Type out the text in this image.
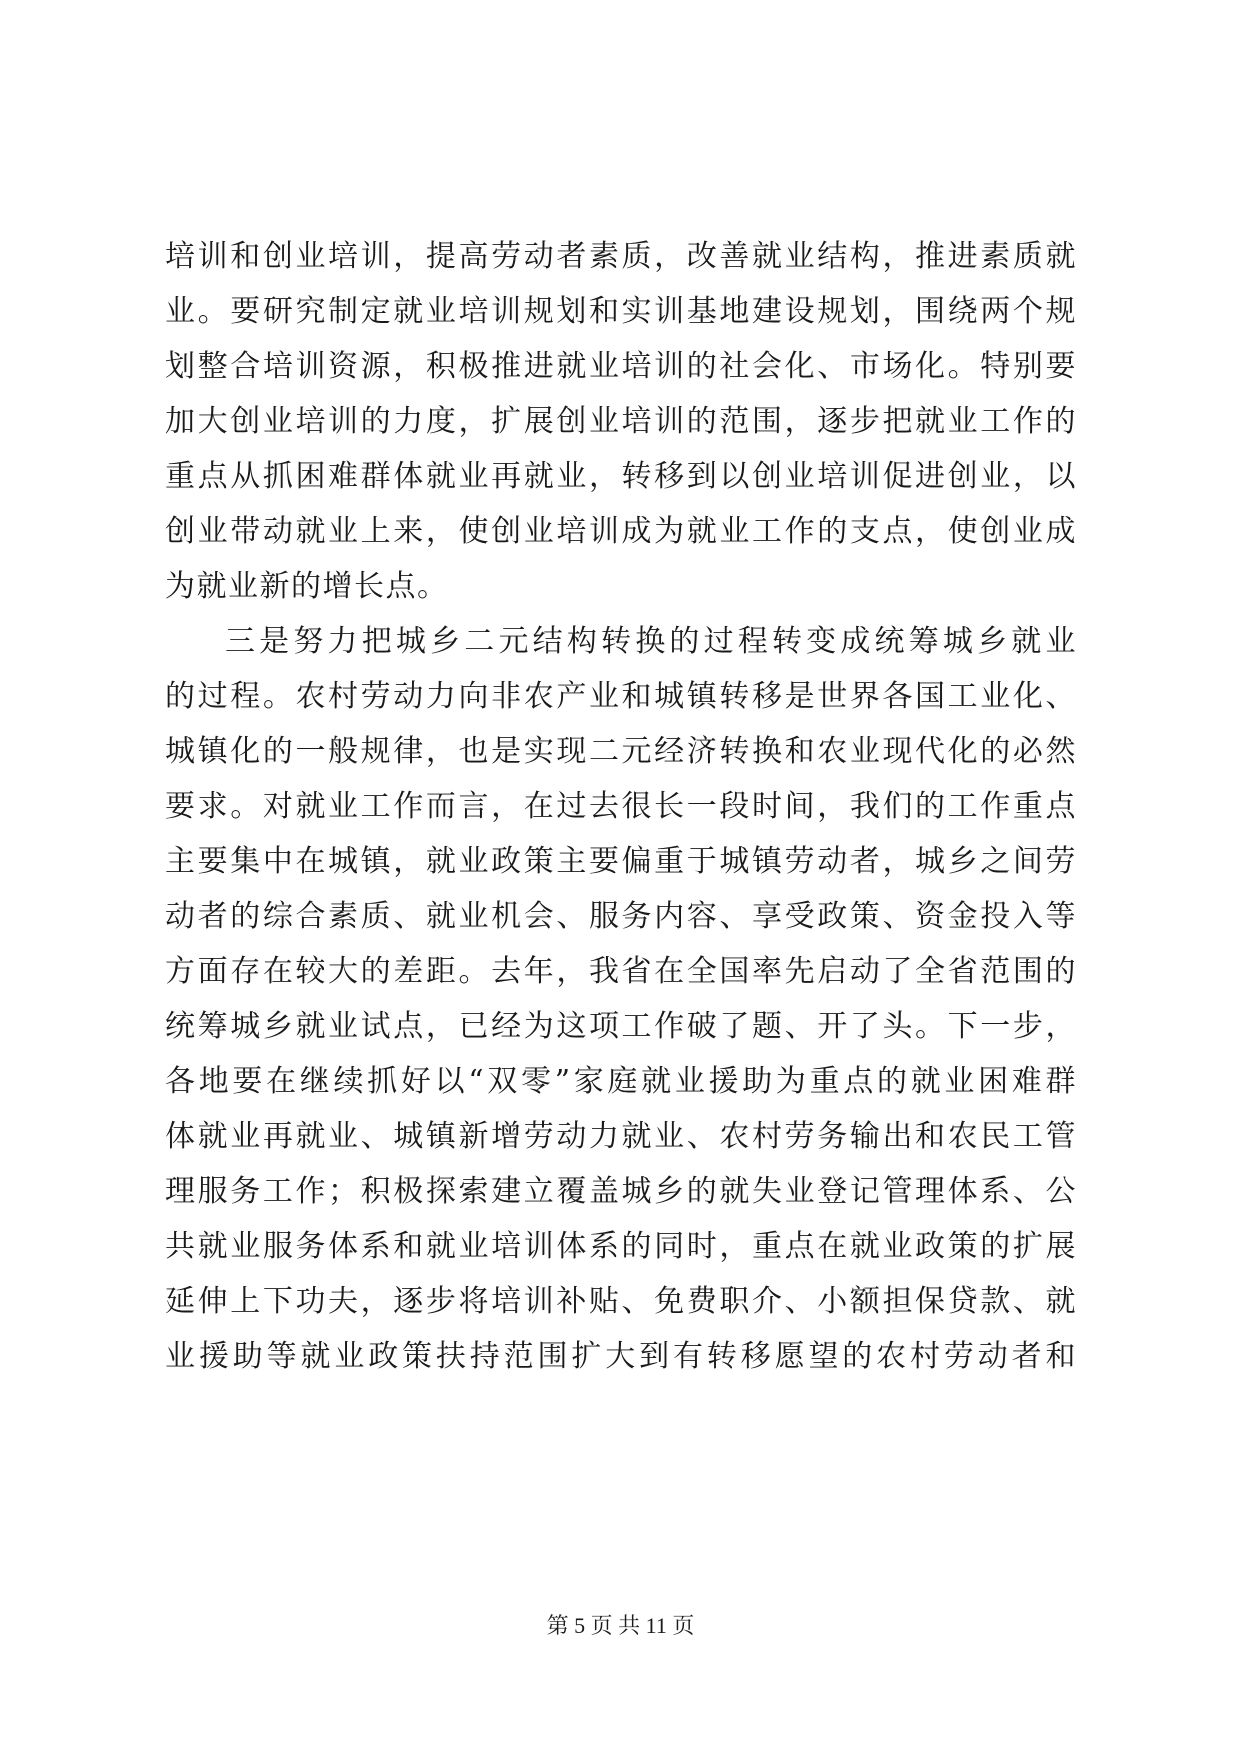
培训和创业培训，提高劳动者素质，改善就业结构，推进素质就
业。要研究制定就业培训规划和实训基地建设规划，围绕两个规
划整合培训资源，积极推进就业培训的社会化、市场化。特别要
加大创业培训的力度，扩展创业培训的范围，逐步把就业工作的
重点从抓困难群体就业再就业，转移到以创业培训促进创业，以
创业带动就业上来，使创业培训成为就业工作的支点，使创业成
为就业新的增长点。
三是努力把城乡二元结构转换的过程转变成统筹城乡就业
的过程。农村劳动力向非农产业和城镇转移是世界各国工业化、
城镇化的一般规律，也是实现二元经济转换和农业现代化的必然
要求。对就业工作而言，在过去很长一段时间，我们的工作重点
主要集中在城镇，就业政策主要偏重于城镇劳动者，城乡之间劳
动者的综合素质、就业机会、服务内容、享受政策、资金投入等
方面存在较大的差距。去年，我省在全国率先启动了全省范围的
统筹城乡就业试点，已经为这项工作破了题、开了头。下一步，
各地要在继续抓好以“双零”家庭就业援助为重点的就业困难群
体就业再就业、城镇新增劳动力就业、农村劳务输出和农民工管
理服务工作；积极探索建立覆盖城乡的就失业登记管理体系、公
共就业服务体系和就业培训体系的同时，重点在就业政策的扩展
延伸上下功夫，逐步将培训补贴、免费职介、小额担保贷款、就
业援助等就业政策扶持范围扩大到有转移愿望的农村劳动者和
第 5 页 共 11 页
